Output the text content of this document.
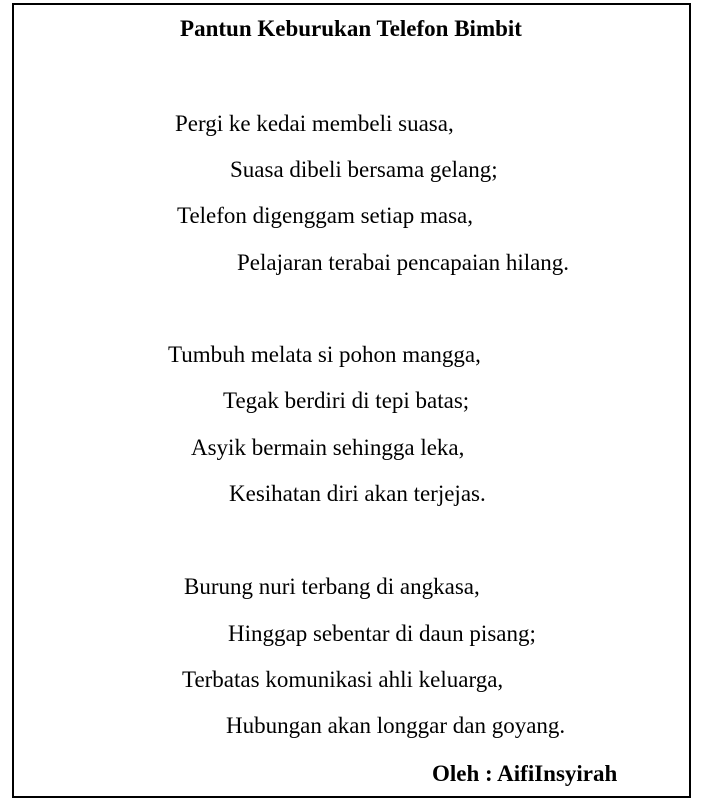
Pantun Keburukan Telefon Bimbit
Pergi ke kedai membeli suasa,
Suasa dibeli bersama gelang;
Telefon digenggam setiap masa,
Pelajaran terabai pencapaian hilang.
Tumbuh melata si pohon mangga,
Tegak berdiri di tepi batas;
Asyik bermain sehingga leka,
Kesihatan diri akan terjejas.
Burung nuri terbang di angkasa,
Hinggap sebentar di daun pisang;
Terbatas komunikasi ahli keluarga,
Hubungan akan longgar dan goyang.
Oleh : AifiInsyirah
